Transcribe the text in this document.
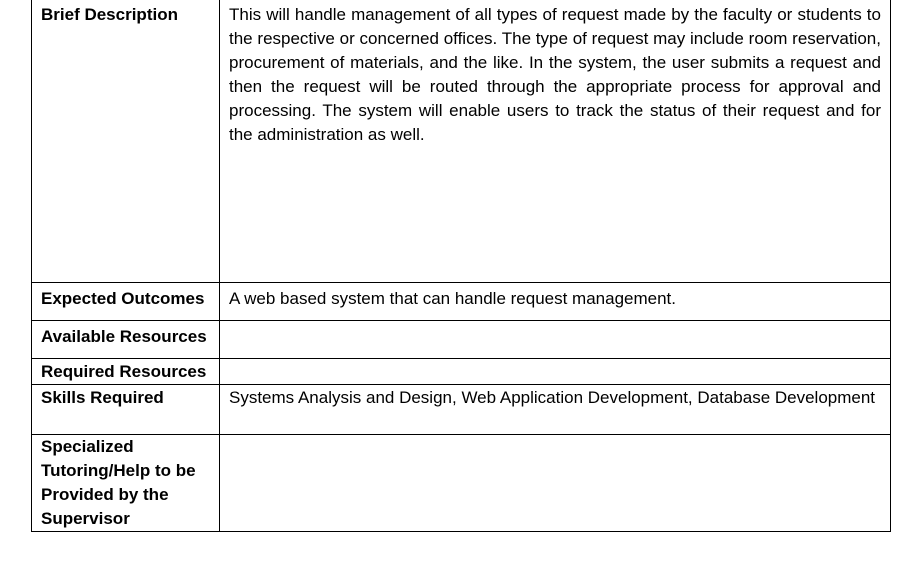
Brief Description	This will handle management of all types of request made by the faculty or students to the respective or concerned offices. The type of request may include room reservation, procurement of materials, and the like. In the system, the user submits a request and then the request will be routed through the appropriate process for approval and processing. The system will enable users to track the status of their request and for the administration as well.

Expected Outcomes	A web based system that can handle request management.

Available Resources	

Required Resources	

Skills Required	Systems Analysis and Design, Web Application Development, Database Development

Specialized Tutoring/Help to be Provided by the Supervisor	
